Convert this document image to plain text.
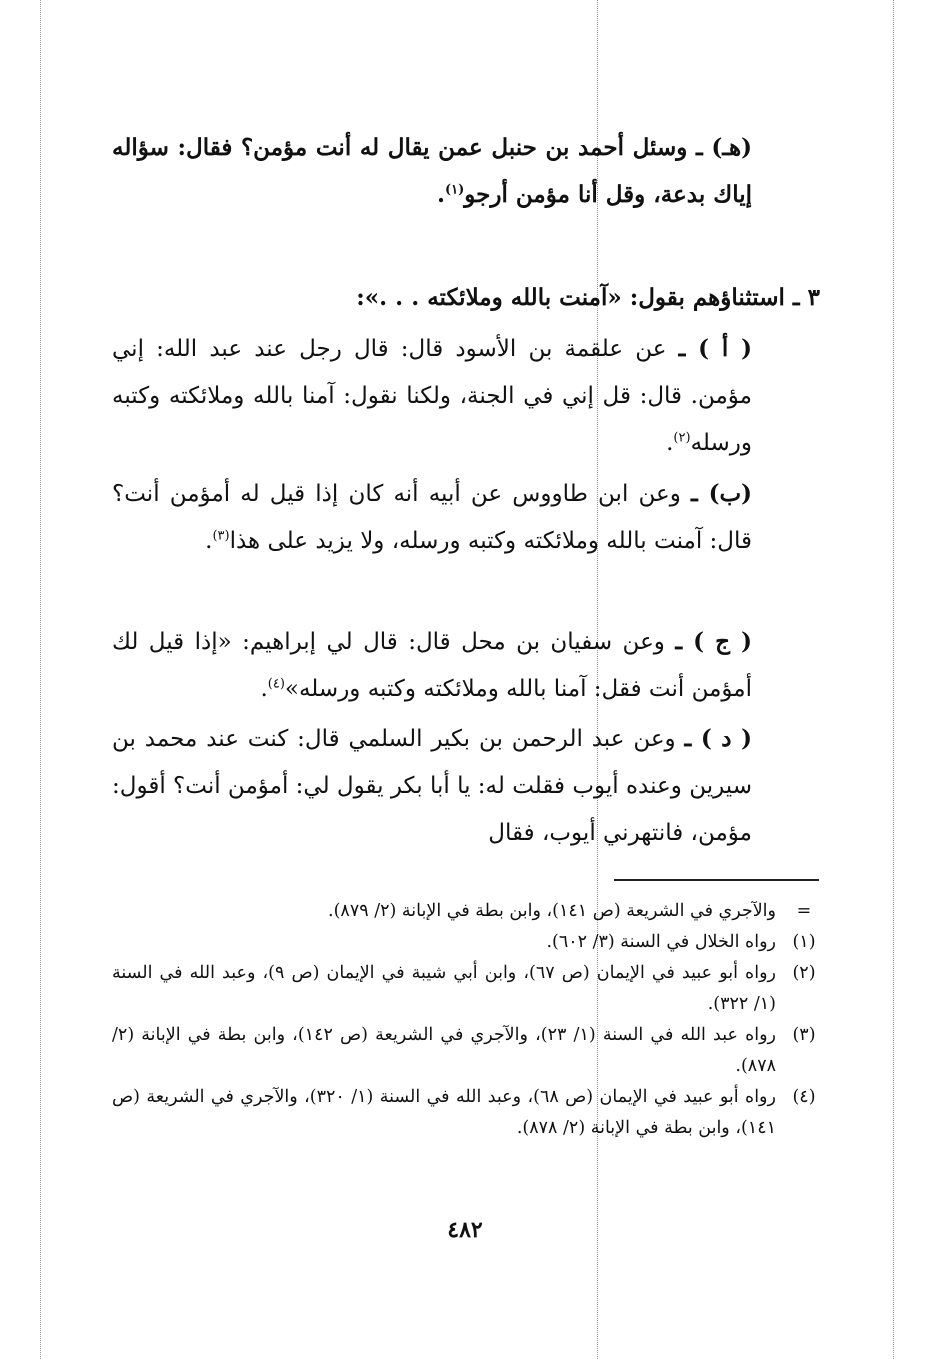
(هـ) ـ وسئل أحمد بن حنبل عمن يقال له أنت مؤمن؟ فقال: سؤاله إياك بدعة، وقل أنا مؤمن أرجو$^{(١)}$.
٣ ـ استثناؤهم بقول: «آمنت بالله وملائكته . . .»:
( أ ) ـ عن علقمة بن الأسود قال: قال رجل عند عبد الله: إني مؤمن. قال: قل إني في الجنة، ولكنا نقول: آمنا بالله وملائكته وكتبه ورسله$^{(٢)}$.
(ب) ـ وعن ابن طاووس عن أبيه أنه كان إذا قيل له أمؤمن أنت؟ قال: آمنت بالله وملائكته وكتبه ورسله، ولا يزيد على هذا$^{(٣)}$.
( ج ) ـ وعن سفيان بن محل قال: قال لي إبراهيم: «إذا قيل لك أمؤمن أنت فقل: آمنا بالله وملائكته وكتبه ورسله»$^{(٤)}$.
( د ) ـ وعن عبد الرحمن بن بكير السلمي قال: كنت عند محمد بن سيرين وعنده أيوب فقلت له: يا أبا بكر يقول لي: أمؤمن أنت؟ أقول: مؤمن، فانتهرني أيوب، فقال
=
والآجري في الشريعة (ص ١٤١)، وابن بطة في الإبانة (٢/ ٨٧٩).
(١)
رواه الخلال في السنة (٣/ ٦٠٢).
(٢)
رواه أبو عبيد في الإيمان (ص ٦٧)، وابن أبي شيبة في الإيمان (ص ٩)، وعبد الله في السنة (١/ ٣٢٢).
(٣)
رواه عبد الله في السنة (١/ ٢٣)، والآجري في الشريعة (ص ١٤٢)، وابن بطة في الإبانة (٢/ ٨٧٨).
(٤)
رواه أبو عبيد في الإيمان (ص ٦٨)، وعبد الله في السنة (١/ ٣٢٠)، والآجري في الشريعة (ص ١٤١)، وابن بطة في الإبانة (٢/ ٨٧٨).
٤٨٢
